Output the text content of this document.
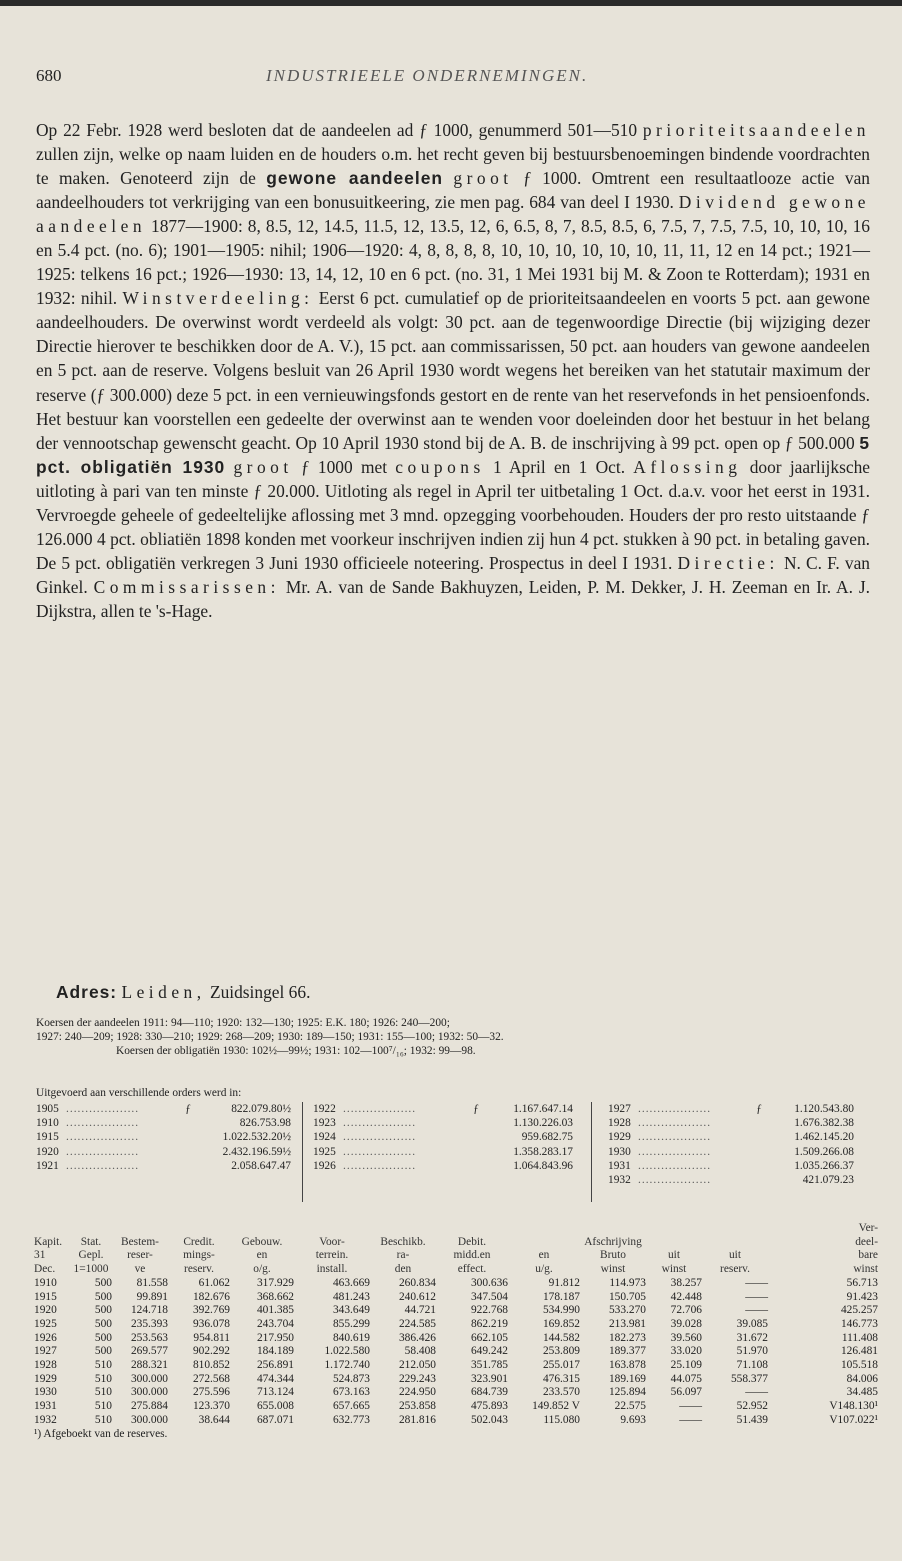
680	INDUSTRIEELE ONDERNEMINGEN.

Op 22 Febr. 1928 werd besloten dat de aandeelen ad ƒ 1000, genummerd 501—510 prioriteitsaandeelen zullen zijn, welke op naam luiden en de houders o.m. het recht geven bij bestuursbenoemingen bindende voordrachten te maken. Genoteerd zijn de gewone aandeelen groot ƒ 1000. Omtrent een resultaatlooze actie van aandeelhouders tot verkrijging van een bonusuitkeering, zie men pag. 684 van deel I 1930. Dividend gewone aandeelen 1877—1900: 8, 8.5, 12, 14.5, 11.5, 12, 13.5, 12, 6, 6.5, 8, 7, 8.5, 8.5, 6, 7.5, 7, 7.5, 7.5, 10, 10, 10, 16 en 5.4 pct. (no. 6); 1901—1905: nihil; 1906—1920: 4, 8, 8, 8, 8, 10, 10, 10, 10, 10, 10, 11, 11, 12 en 14 pct.; 1921—1925: telkens 16 pct.; 1926—1930: 13, 14, 12, 10 en 6 pct. (no. 31, 1 Mei 1931 bij M. & Zoon te Rotterdam); 1931 en 1932: nihil. Winstverdeeling: Eerst 6 pct. cumulatief op de prioriteitsaandeelen en voorts 5 pct. aan gewone aandeelhouders. De overwinst wordt verdeeld als volgt: 30 pct. aan de tegenwoordige Directie (bij wijziging dezer Directie hierover te beschikken door de A. V.), 15 pct. aan commissarissen, 50 pct. aan houders van gewone aandeelen en 5 pct. aan de reserve. Volgens besluit van 26 April 1930 wordt wegens het bereiken van het statutair maximum der reserve (ƒ 300.000) deze 5 pct. in een vernieuwingsfonds gestort en de rente van het reservefonds in het pensioenfonds. Het bestuur kan voorstellen een gedeelte der overwinst aan te wenden voor doeleinden door het bestuur in het belang der vennootschap gewenscht geacht. Op 10 April 1930 stond bij de A. B. de inschrijving à 99 pct. open op ƒ 500.000 5 pct. obligatiën 1930 groot ƒ 1000 met coupons 1 April en 1 Oct. Aflossing door jaarlijksche uitloting à pari van ten minste ƒ 20.000. Uitloting als regel in April ter uitbetaling 1 Oct. d.a.v. voor het eerst in 1931. Vervroegde geheele of gedeeltelijke aflossing met 3 mnd. opzegging voorbehouden. Houders der pro resto uitstaande ƒ 126.000 4 pct. obliatiën 1898 konden met voorkeur inschrijven indien zij hun 4 pct. stukken à 90 pct. in betaling gaven. De 5 pct. obligatiën verkregen 3 Juni 1930 officieele noteering. Prospectus in deel I 1931. Directie: N. C. F. van Ginkel. Commissarissen: Mr. A. van de Sande Bakhuyzen, Leiden, P. M. Dekker, J. H. Zeeman en Ir. A. J. Dijkstra, allen te 's-Hage.

Adres: Leiden, Zuidsingel 66.
Koersen der aandeelen 1911: 94—110; 1920: 132—130; 1925: E.K. 180; 1926: 240—200;
1927: 240—209; 1928: 330—210; 1929: 268—209; 1930: 189—150; 1931: 155—100; 1932: 50—32.
Koersen der obligatiën 1930: 102½—99½; 1931: 102—100⁷/₁₆; 1932: 99—98.
Uitgevoerd aan verschillende orders werd in:
1905 ...................	ƒ	822.079.80½
1910 ...................	826.753.98
1915 ...................	1.022.532.20½
1920 ...................	2.432.196.59½
1921 ...................	2.058.647.47
1922 ...................	ƒ	1.167.647.14
1923 ...................	1.130.226.03
1924 ...................	959.682.75
1925 ...................	1.358.283.17
1926 ...................	1.064.843.96
1927 ...................	ƒ	1.120.543.80
1928 ...................	1.676.382.38
1929 ...................	1.462.145.20
1930 ...................	1.509.266.08
1931 ...................	1.035.266.37
1932 ...................	421.079.23
												Ver-
Kapit.	Stat.	Bestem-	Credit.	Gebouw.	Voor-	Beschikb.	Debit.		Afschrijving			deel-
31	Gepl.	reser-	mings-	en	terrein.	ra-	midd.en	en	Bruto	uit	uit	bare
Dec.	1=1000	ve	reserv.	o/g.	install.	den	effect.	u/g.	winst	winst	reserv.	winst
1910	500	81.558	61.062	317.929	463.669	260.834	300.636	91.812	114.973	38.257	——	56.713
1915	500	99.891	182.676	368.662	481.243	240.612	347.504	178.187	150.705	42.448	——	91.423
1920	500	124.718	392.769	401.385	343.649	44.721	922.768	534.990	533.270	72.706	——	425.257
1925	500	235.393	936.078	243.704	855.299	224.585	862.219	169.852	213.981	39.028	39.085	146.773
1926	500	253.563	954.811	217.950	840.619	386.426	662.105	144.582	182.273	39.560	31.672	111.408
1927	500	269.577	902.292	184.189	1.022.580	58.408	649.242	253.809	189.377	33.020	51.970	126.481
1928	510	288.321	810.852	256.891	1.172.740	212.050	351.785	255.017	163.878	25.109	71.108	105.518
1929	510	300.000	272.568	474.344	524.873	229.243	323.901	476.315	189.169	44.075	558.377	84.006
1930	510	300.000	275.596	713.124	673.163	224.950	684.739	233.570	125.894	56.097	——	34.485
1931	510	275.884	123.370	655.008	657.665	253.858	475.893	149.852 V	22.575	——	52.952	V148.130¹
1932	510	300.000	38.644	687.071	632.773	281.816	502.043	115.080	9.693	——	51.439	V107.022¹
¹) Afgeboekt van de reserves.
